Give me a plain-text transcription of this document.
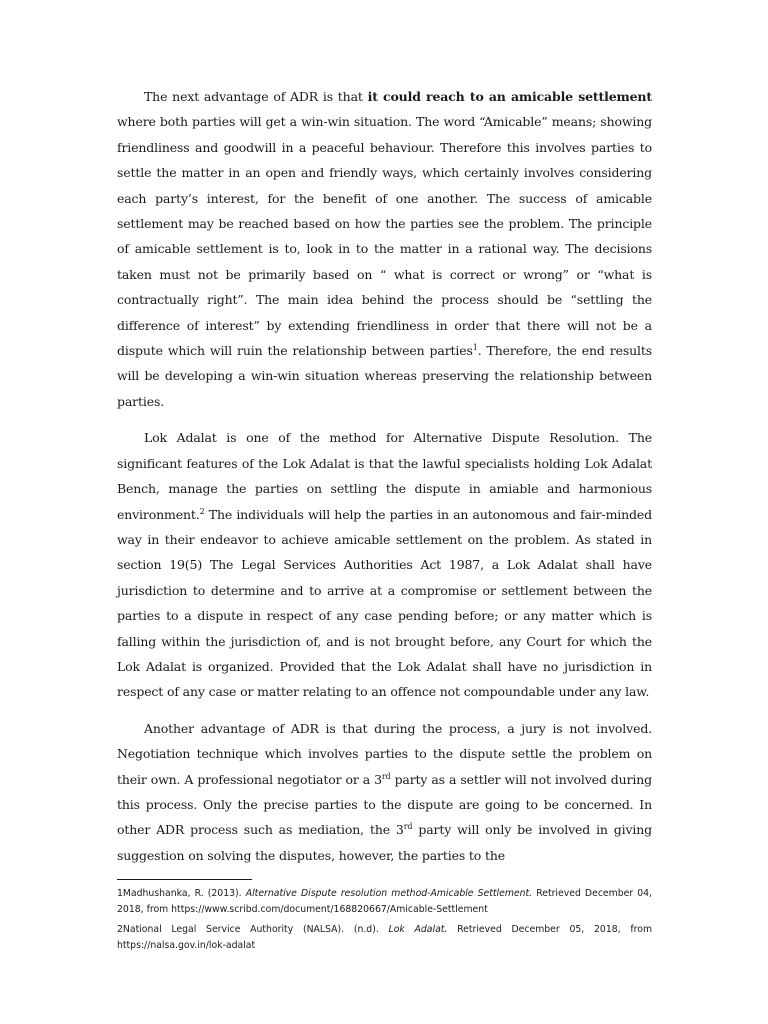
The next advantage of ADR is that it could reach to an amicable settlement where both parties will get a win-win situation. The word “Amicable” means; showing friendliness and goodwill in a peaceful behaviour. Therefore this involves parties to settle the matter in an open and friendly ways, which certainly involves considering each party’s interest, for the benefit of one another. The success of amicable settlement may be reached based on how the parties see the problem. The principle of amicable settlement is to, look in to the matter in a rational way. The decisions taken must not be primarily based on “ what is correct or wrong” or “what is contractually right”. The main idea behind the process should be “settling the difference of interest” by extending friendliness in order that there will not be a dispute which will ruin the relationship between parties$^1$. Therefore, the end results will be developing a win-win situation whereas preserving the relationship between parties.

Lok Adalat is one of the method for Alternative Dispute Resolution. The significant features of the Lok Adalat is that the lawful specialists holding Lok Adalat Bench, manage the parties on settling the dispute in amiable and harmonious environment.$^2$ The individuals will help the parties in an autonomous and fair-minded way in their endeavor to achieve amicable settlement on the problem. As stated in section 19(5) The Legal Services Authorities Act 1987, a Lok Adalat shall have jurisdiction to determine and to arrive at a compromise or settlement between the parties to a dispute in respect of any case pending before; or any matter which is falling within the jurisdiction of, and is not brought before, any Court for which the Lok Adalat is organized. Provided that the Lok Adalat shall have no jurisdiction in respect of any case or matter relating to an offence not compoundable under any law.

Another advantage of ADR is that during the process, a jury is not involved. Negotiation technique which involves parties to the dispute settle the problem on their own. A professional negotiator or a 3rd party as a settler will not involved during this process. Only the precise parties to the dispute are going to be concerned. In other ADR process such as mediation, the 3rd party will only be involved in giving suggestion on solving the disputes, however, the parties to the

1Madhushanka, R. (2013). Alternative Dispute resolution method-Amicable Settlement. Retrieved December 04, 2018, from https://www.scribd.com/document/168820667/Amicable-Settlement

2National Legal Service Authority (NALSA). (n.d). Lok Adalat. Retrieved December 05, 2018, from https://nalsa.gov.in/lok-adalat
